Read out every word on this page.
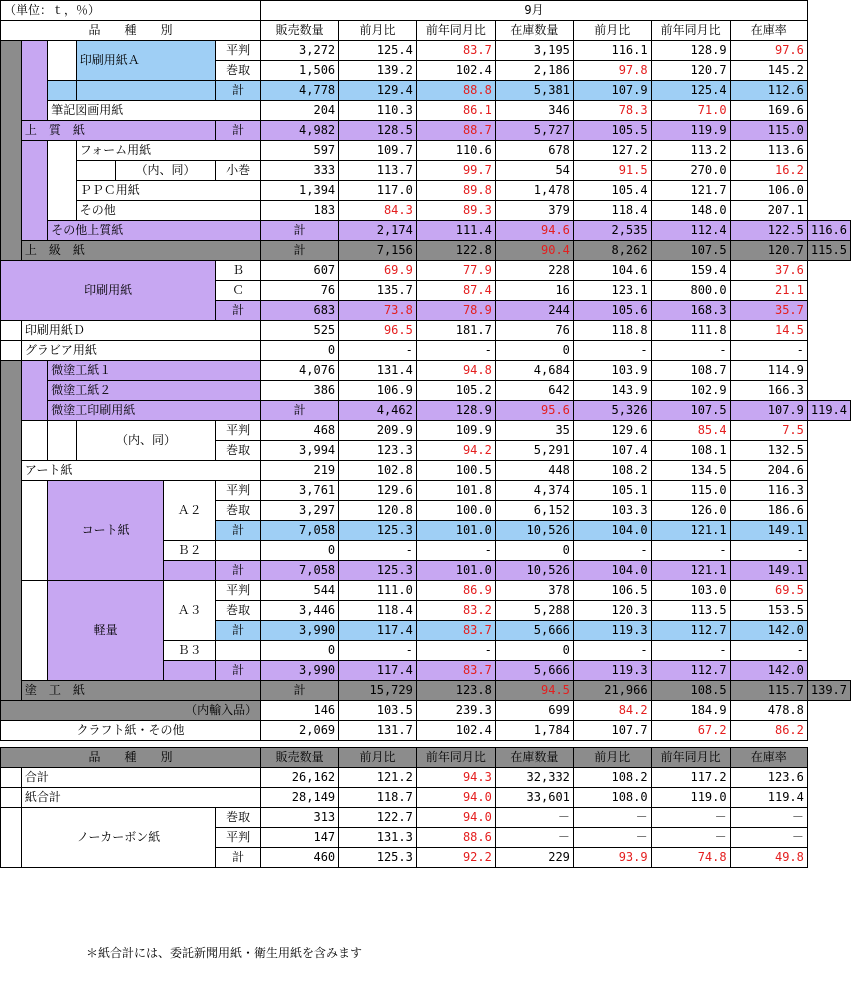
（単位：ｔ，％）							9月							
品　　種　　別							販売数量	前月比	前年同月比	在庫数量	前月比	前年同月比	在庫率	
			印刷用紙Ａ			平判	3,272	125.4	83.7	3,195	116.1	128.9	97.6	
						巻取	1,506	139.2	102.4	2,186	97.8	120.7	145.2	
						計	4,778	129.4	88.8	5,381	107.9	125.4	112.6	
		筆記図画用紙					204	110.3	86.1	346	78.3	71.0	169.6	
	上　質　紙					計	4,982	128.5	88.7	5,727	105.5	119.9	115.0	
			フォーム用紙				597	109.7	110.6	678	127.2	113.2	113.6	
				（内、同）		小巻	333	113.7	99.7	54	91.5	270.0	16.2	
			ＰＰＣ用紙				1,394	117.0	89.8	1,478	105.4	121.7	106.0	
			その他				183	84.3	89.3	379	118.4	148.0	207.1	
		その他上質紙					計	2,174	111.4	94.6	2,535	112.4	122.5	116.6
	上　級　紙						計	7,156	122.8	90.4	8,262	107.5	120.7	115.5
印刷用紙						Ｂ	607	69.9	77.9	228	104.6	159.4	37.6	
						Ｃ	76	135.7	87.4	16	123.1	800.0	21.1	
						計	683	73.8	78.9	244	105.6	168.3	35.7	
	印刷用紙Ｄ						525	96.5	181.7	76	118.8	111.8	14.5	
	グラビア用紙						0	-	-	0	-	-	-	
		微塗工紙１					4,076	131.4	94.8	4,684	103.9	108.7	114.9	
		微塗工紙２					386	106.9	105.2	642	143.9	102.9	166.3	
		微塗工印刷用紙					計	4,462	128.9	95.6	5,326	107.5	107.9	119.4
			（内、同）			平判	468	209.9	109.9	35	129.6	85.4	7.5	
						巻取	3,994	123.3	94.2	5,291	107.4	108.1	132.5	
	アート紙						219	102.8	100.5	448	108.2	134.5	204.6	
		コート紙			Ａ２	平判	3,761	129.6	101.8	4,374	105.1	115.0	116.3	
						巻取	3,297	120.8	100.0	6,152	103.3	126.0	186.6	
						計	7,058	125.3	101.0	10,526	104.0	121.1	149.1	
					Ｂ２		0	-	-	0	-	-	-	
						計	7,058	125.3	101.0	10,526	104.0	121.1	149.1	
		軽量			Ａ３	平判	544	111.0	86.9	378	106.5	103.0	69.5	
						巻取	3,446	118.4	83.2	5,288	120.3	113.5	153.5	
						計	3,990	117.4	83.7	5,666	119.3	112.7	142.0	
					Ｂ３		0	-	-	0	-	-	-	
						計	3,990	117.4	83.7	5,666	119.3	112.7	142.0	
	塗　工　紙						計	15,729	123.8	94.5	21,966	108.5	115.7	139.7
（内輸入品）							146	103.5	239.3	699	84.2	184.9	478.8	
クラフト紙・その他							2,069	131.7	102.4	1,784	107.7	67.2	86.2	

品　　種　　別							販売数量	前月比	前年同月比	在庫数量	前月比	前年同月比	在庫率	
	合計						26,162	121.2	94.3	32,332	108.2	117.2	123.6	
	紙合計						28,149	118.7	94.0	33,601	108.0	119.0	119.4	
	ノーカーボン紙					巻取	313	122.7	94.0	－	－	－	－	
						平判	147	131.3	88.6	－	－	－	－	
						計	460	125.3	92.2	229	93.9	74.8	49.8	
＊紙合計には、委託新聞用紙・衛生用紙を含みます
